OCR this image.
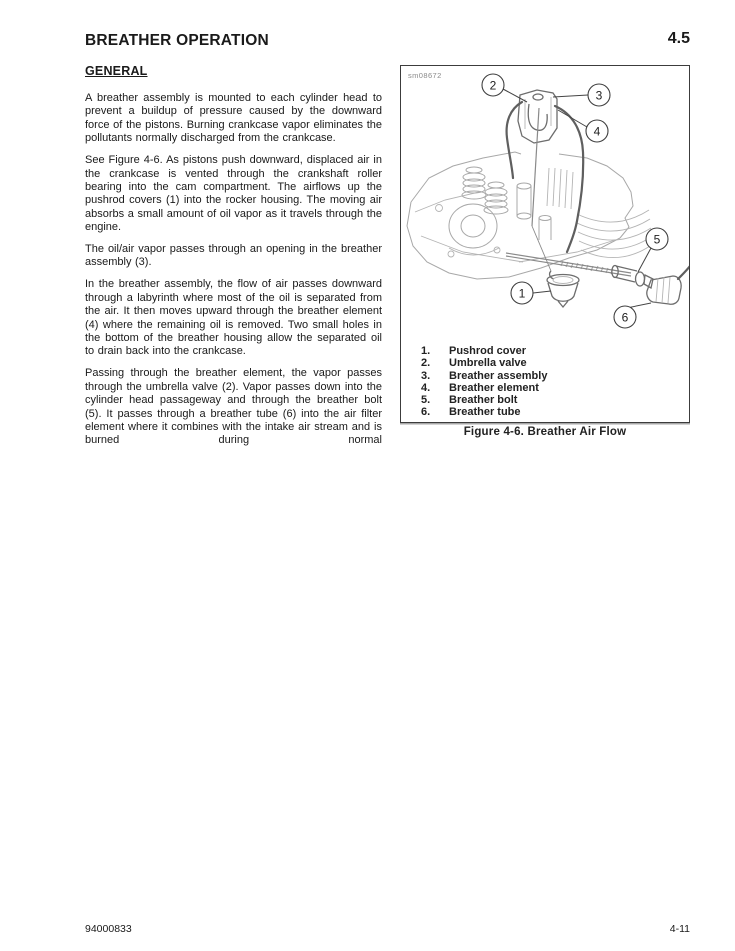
BREATHER OPERATION	4.5
GENERAL

A breather assembly is mounted to each cylinder head to prevent a buildup of pressure caused by the downward force of the pistons. Burning crankcase vapor eliminates the pollutants normally discharged from the crankcase.

See Figure 4-6. As pistons push downward, displaced air in the crankcase is vented through the crankshaft roller bearing into the cam compartment. The airflows up the pushrod covers (1) into the rocker housing. The moving air absorbs a small amount of oil vapor as it travels through the engine.

The oil/air vapor passes through an opening in the breather assembly (3).

In the breather assembly, the flow of air passes downward through a labyrinth where most of the oil is separated from the air. It then moves upward through the breather element (4) where the remaining oil is removed. Two small holes in the bottom of the breather housing allow the separated oil to drain back into the crankcase.

Passing through the breather element, the vapor passes through the umbrella valve (2). Vapor passes down into the cylinder head passageway and through the breather bolt (5). It passes through a breather tube (6) into the air filter element where it combines with the intake air stream and is burned during normal

sm08672
2
3
4
5
1
6
1.	Pushrod cover
2.	Umbrella valve
3.	Breather assembly
4.	Breather element
5.	Breather bolt
6.	Breather tube
Figure 4-6. Breather Air Flow
94000833	4-11
